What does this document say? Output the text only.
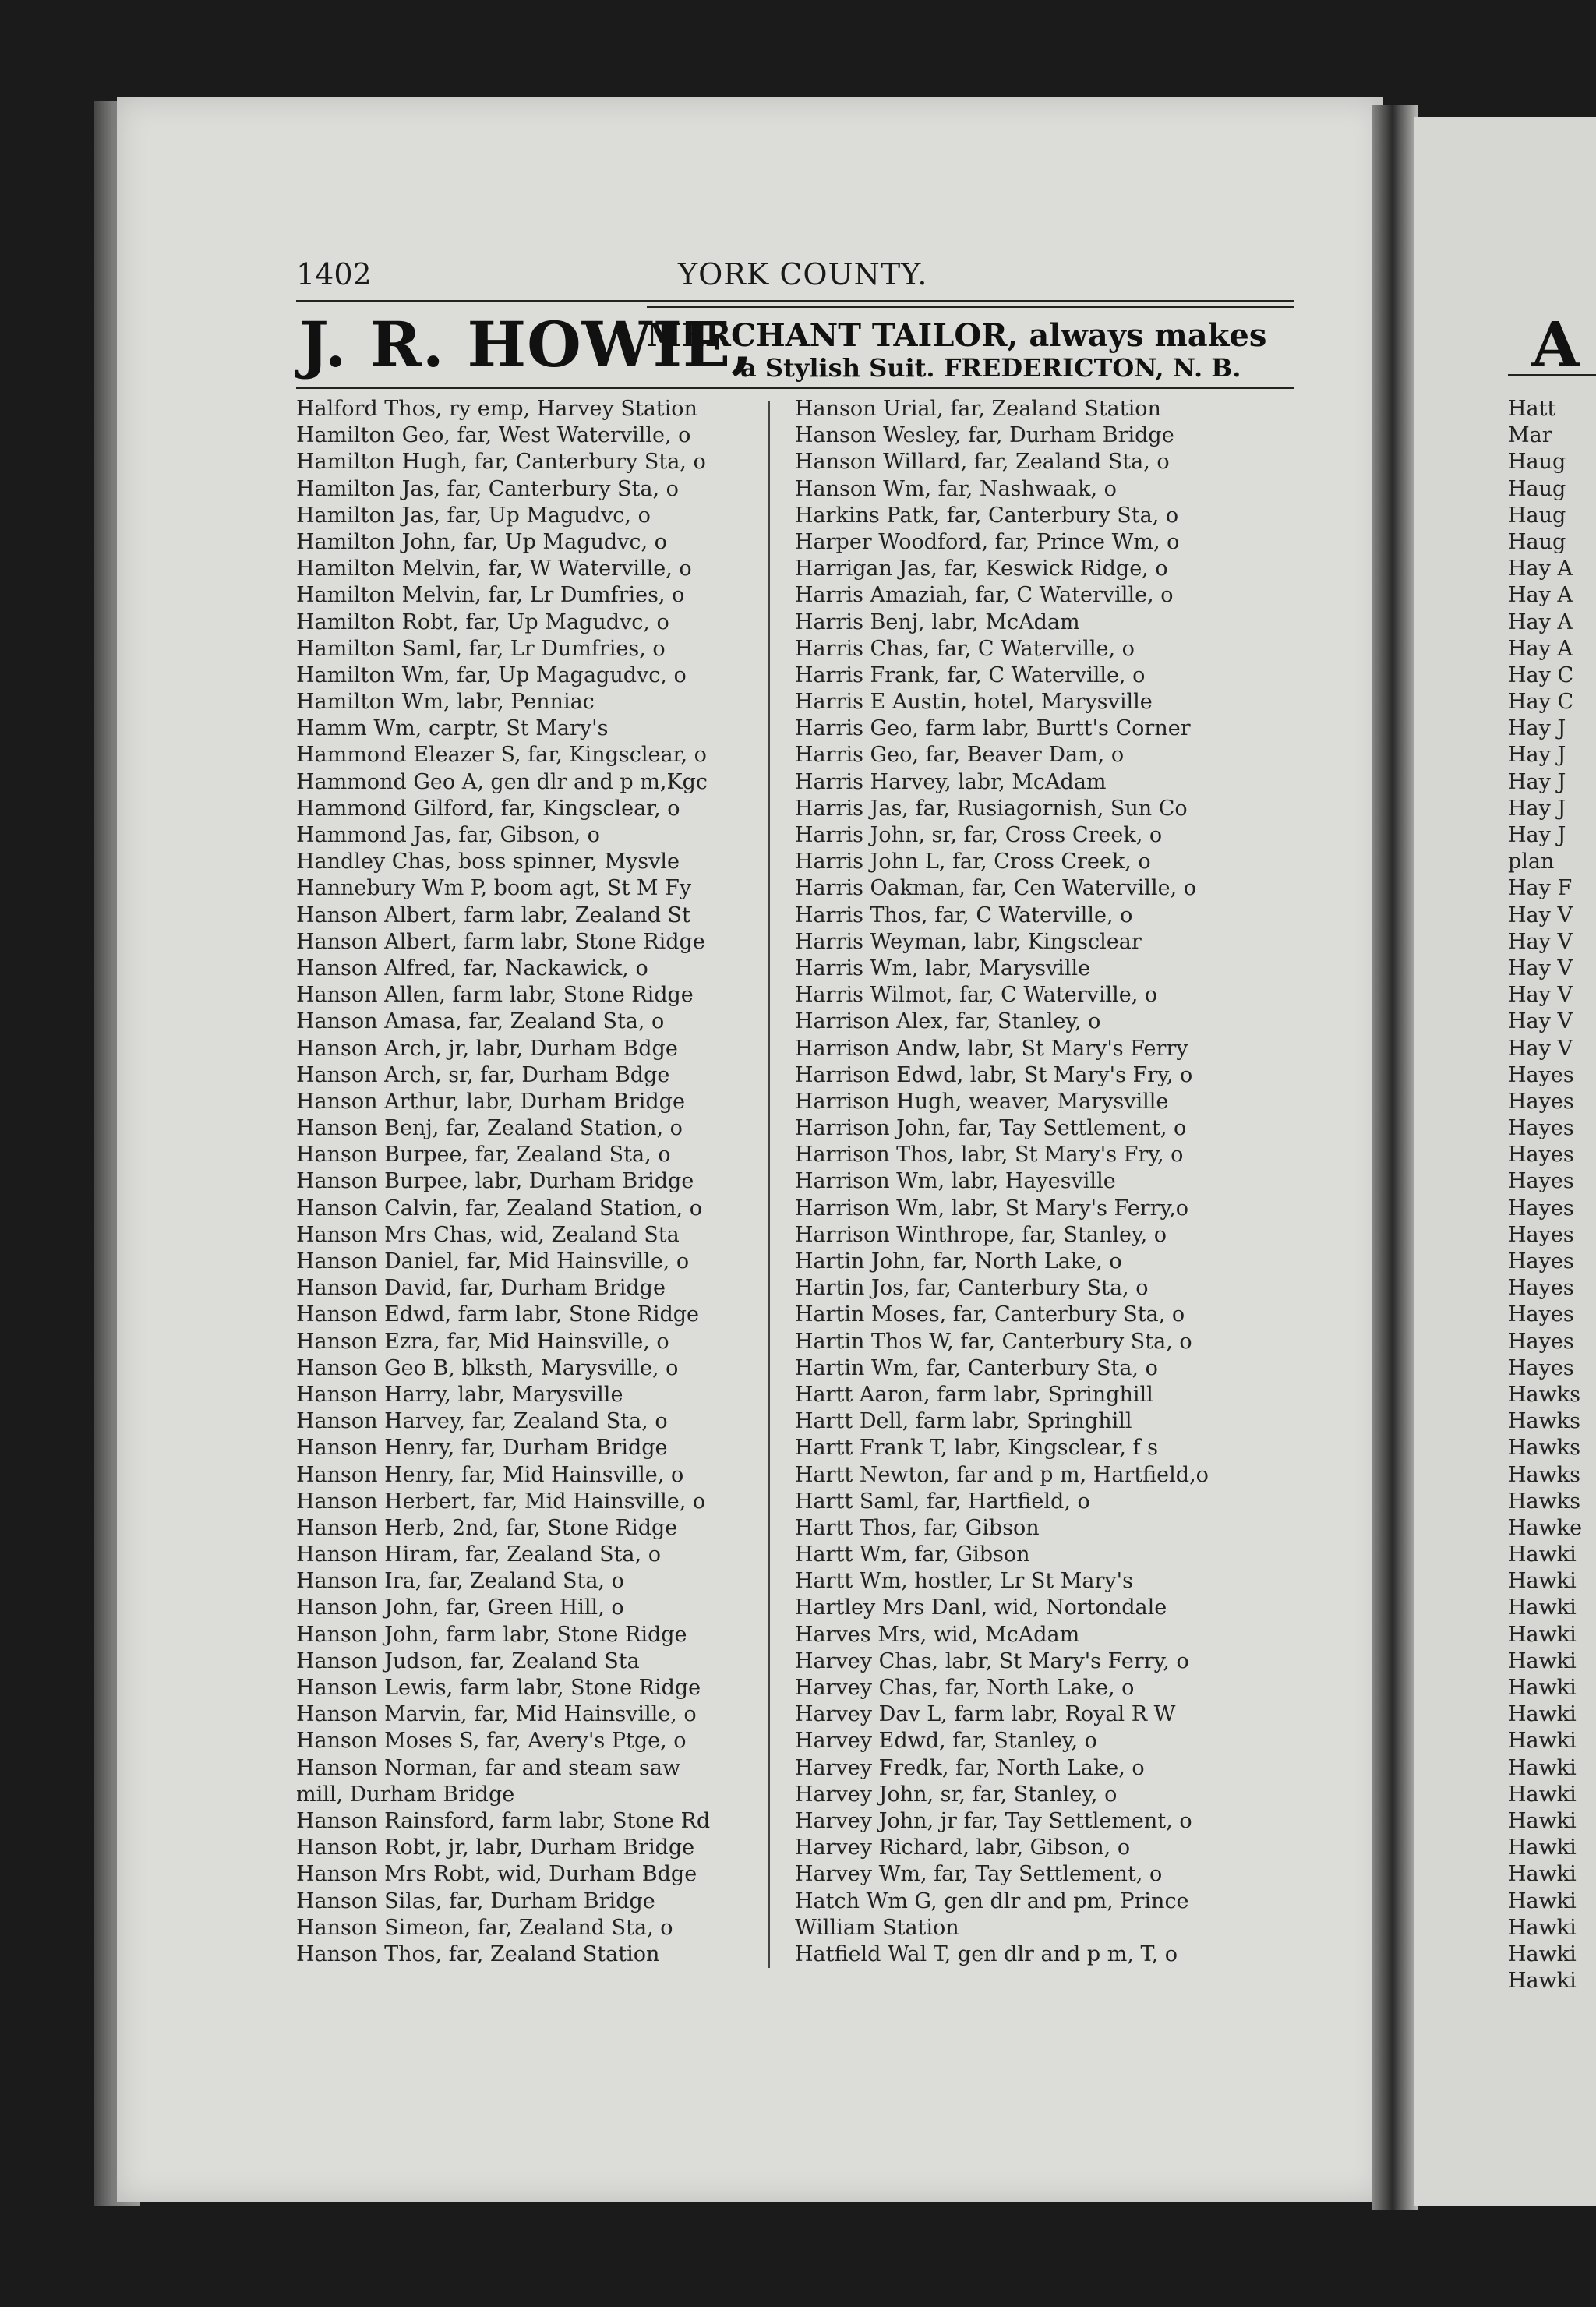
1402	YORK COUNTY.
J. R. HOWIE,
MERCHANT TAILOR, always makes
a Stylish Suit. FREDERICTON, N. B.
Halford Thos, ry emp, Harvey Station
Hamilton Geo, far, West Waterville, o
Hamilton Hugh, far, Canterbury Sta, o
Hamilton Jas, far, Canterbury Sta, o
Hamilton Jas, far, Up Magudvc, o
Hamilton John, far, Up Magudvc, o
Hamilton Melvin, far, W Waterville, o
Hamilton Melvin, far, Lr Dumfries, o
Hamilton Robt, far, Up Magudvc, o
Hamilton Saml, far, Lr Dumfries, o
Hamilton Wm, far, Up Magagudvc, o
Hamilton Wm, labr, Penniac
Hamm Wm, carptr, St Mary's
Hammond Eleazer S, far, Kingsclear, o
Hammond Geo A, gen dlr and p m,Kgc
Hammond Gilford, far, Kingsclear, o
Hammond Jas, far, Gibson, o
Handley Chas, boss spinner, Mysvle
Hannebury Wm P, boom agt, St M Fy
Hanson Albert, farm labr, Zealand St
Hanson Albert, farm labr, Stone Ridge
Hanson Alfred, far, Nackawick, o
Hanson Allen, farm labr, Stone Ridge
Hanson Amasa, far, Zealand Sta, o
Hanson Arch, jr, labr, Durham Bdge
Hanson Arch, sr, far, Durham Bdge
Hanson Arthur, labr, Durham Bridge
Hanson Benj, far, Zealand Station, o
Hanson Burpee, far, Zealand Sta, o
Hanson Burpee, labr, Durham Bridge
Hanson Calvin, far, Zealand Station, o
Hanson Mrs Chas, wid, Zealand Sta
Hanson Daniel, far, Mid Hainsville, o
Hanson David, far, Durham Bridge
Hanson Edwd, farm labr, Stone Ridge
Hanson Ezra, far, Mid Hainsville, o
Hanson Geo B, blksth, Marysville, o
Hanson Harry, labr, Marysville
Hanson Harvey, far, Zealand Sta, o
Hanson Henry, far, Durham Bridge
Hanson Henry, far, Mid Hainsville, o
Hanson Herbert, far, Mid Hainsville, o
Hanson Herb, 2nd, far, Stone Ridge
Hanson Hiram, far, Zealand Sta, o
Hanson Ira, far, Zealand Sta, o
Hanson John, far, Green Hill, o
Hanson John, farm labr, Stone Ridge
Hanson Judson, far, Zealand Sta
Hanson Lewis, farm labr, Stone Ridge
Hanson Marvin, far, Mid Hainsville, o
Hanson Moses S, far, Avery's Ptge, o
Hanson Norman, far and steam saw
mill, Durham Bridge
Hanson Rainsford, farm labr, Stone Rd
Hanson Robt, jr, labr, Durham Bridge
Hanson Mrs Robt, wid, Durham Bdge
Hanson Silas, far, Durham Bridge
Hanson Simeon, far, Zealand Sta, o
Hanson Thos, far, Zealand Station
Hanson Urial, far, Zealand Station
Hanson Wesley, far, Durham Bridge
Hanson Willard, far, Zealand Sta, o
Hanson Wm, far, Nashwaak, o
Harkins Patk, far, Canterbury Sta, o
Harper Woodford, far, Prince Wm, o
Harrigan Jas, far, Keswick Ridge, o
Harris Amaziah, far, C Waterville, o
Harris Benj, labr, McAdam
Harris Chas, far, C Waterville, o
Harris Frank, far, C Waterville, o
Harris E Austin, hotel, Marysville
Harris Geo, farm labr, Burtt's Corner
Harris Geo, far, Beaver Dam, o
Harris Harvey, labr, McAdam
Harris Jas, far, Rusiagornish, Sun Co
Harris John, sr, far, Cross Creek, o
Harris John L, far, Cross Creek, o
Harris Oakman, far, Cen Waterville, o
Harris Thos, far, C Waterville, o
Harris Weyman, labr, Kingsclear
Harris Wm, labr, Marysville
Harris Wilmot, far, C Waterville, o
Harrison Alex, far, Stanley, o
Harrison Andw, labr, St Mary's Ferry
Harrison Edwd, labr, St Mary's Fry, o
Harrison Hugh, weaver, Marysville
Harrison John, far, Tay Settlement, o
Harrison Thos, labr, St Mary's Fry, o
Harrison Wm, labr, Hayesville
Harrison Wm, labr, St Mary's Ferry,o
Harrison Winthrope, far, Stanley, o
Hartin John, far, North Lake, o
Hartin Jos, far, Canterbury Sta, o
Hartin Moses, far, Canterbury Sta, o
Hartin Thos W, far, Canterbury Sta, o
Hartin Wm, far, Canterbury Sta, o
Hartt Aaron, farm labr, Springhill
Hartt Dell, farm labr, Springhill
Hartt Frank T, labr, Kingsclear, f s
Hartt Newton, far and p m, Hartfield,o
Hartt Saml, far, Hartfield, o
Hartt Thos, far, Gibson
Hartt Wm, far, Gibson
Hartt Wm, hostler, Lr St Mary's
Hartley Mrs Danl, wid, Nortondale
Harves Mrs, wid, McAdam
Harvey Chas, labr, St Mary's Ferry, o
Harvey Chas, far, North Lake, o
Harvey Dav L, farm labr, Royal R W
Harvey Edwd, far, Stanley, o
Harvey Fredk, far, North Lake, o
Harvey John, sr, far, Stanley, o
Harvey John, jr far, Tay Settlement, o
Harvey Richard, labr, Gibson, o
Harvey Wm, far, Tay Settlement, o
Hatch Wm G, gen dlr and pm, Prince
William Station
Hatfield Wal T, gen dlr and p m, T, o
A
Hatt
Mar
Haug
Haug
Haug
Haug
Hay A
Hay A
Hay A
Hay A
Hay C
Hay C
Hay J
Hay J
Hay J
Hay J
Hay J
plan
Hay F
Hay V
Hay V
Hay V
Hay V
Hay V
Hay V
Hayes
Hayes
Hayes
Hayes
Hayes
Hayes
Hayes
Hayes
Hayes
Hayes
Hayes
Hayes
Hawks
Hawks
Hawks
Hawks
Hawks
Hawke
Hawki
Hawki
Hawki
Hawki
Hawki
Hawki
Hawki
Hawki
Hawki
Hawki
Hawki
Hawki
Hawki
Hawki
Hawki
Hawki
Hawki
